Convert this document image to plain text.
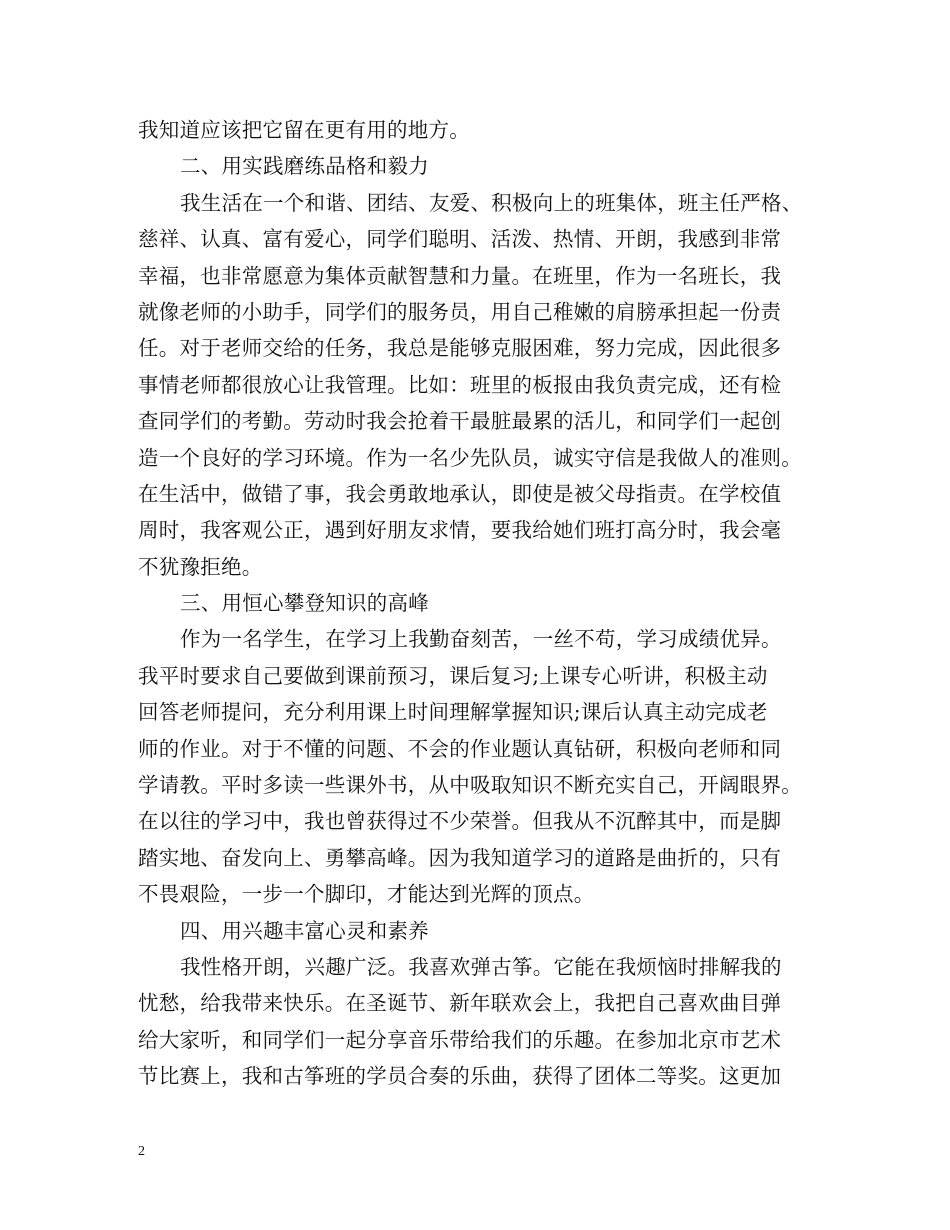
我知道应该把它留在更有用的地方。
二、用实践磨练品格和毅力
我生活在一个和谐、团结、友爱、积极向上的班集体，班主任严格、
慈祥、认真、富有爱心，同学们聪明、活泼、热情、开朗，我感到非常
幸福，也非常愿意为集体贡献智慧和力量。在班里，作为一名班长，我
就像老师的小助手，同学们的服务员，用自己稚嫩的肩膀承担起一份责
任。对于老师交给的任务，我总是能够克服困难，努力完成，因此很多
事情老师都很放心让我管理。比如：班里的板报由我负责完成，还有检
查同学们的考勤。劳动时我会抢着干最脏最累的活儿，和同学们一起创
造一个良好的学习环境。作为一名少先队员，诚实守信是我做人的准则。
在生活中，做错了事，我会勇敢地承认，即使是被父母指责。在学校值
周时，我客观公正，遇到好朋友求情，要我给她们班打高分时，我会毫
不犹豫拒绝。
三、用恒心攀登知识的高峰
作为一名学生，在学习上我勤奋刻苦，一丝不苟，学习成绩优异。
我平时要求自己要做到课前预习，课后复习;上课专心听讲，积极主动
回答老师提问，充分利用课上时间理解掌握知识;课后认真主动完成老
师的作业。对于不懂的问题、不会的作业题认真钻研，积极向老师和同
学请教。平时多读一些课外书，从中吸取知识不断充实自己，开阔眼界。
在以往的学习中，我也曾获得过不少荣誉。但我从不沉醉其中，而是脚
踏实地、奋发向上、勇攀高峰。因为我知道学习的道路是曲折的，只有
不畏艰险，一步一个脚印，才能达到光辉的顶点。
四、用兴趣丰富心灵和素养
我性格开朗，兴趣广泛。我喜欢弹古筝。它能在我烦恼时排解我的
忧愁，给我带来快乐。在圣诞节、新年联欢会上，我把自己喜欢曲目弹
给大家听，和同学们一起分享音乐带给我们的乐趣。在参加北京市艺术
节比赛上，我和古筝班的学员合奏的乐曲，获得了团体二等奖。这更加
2
